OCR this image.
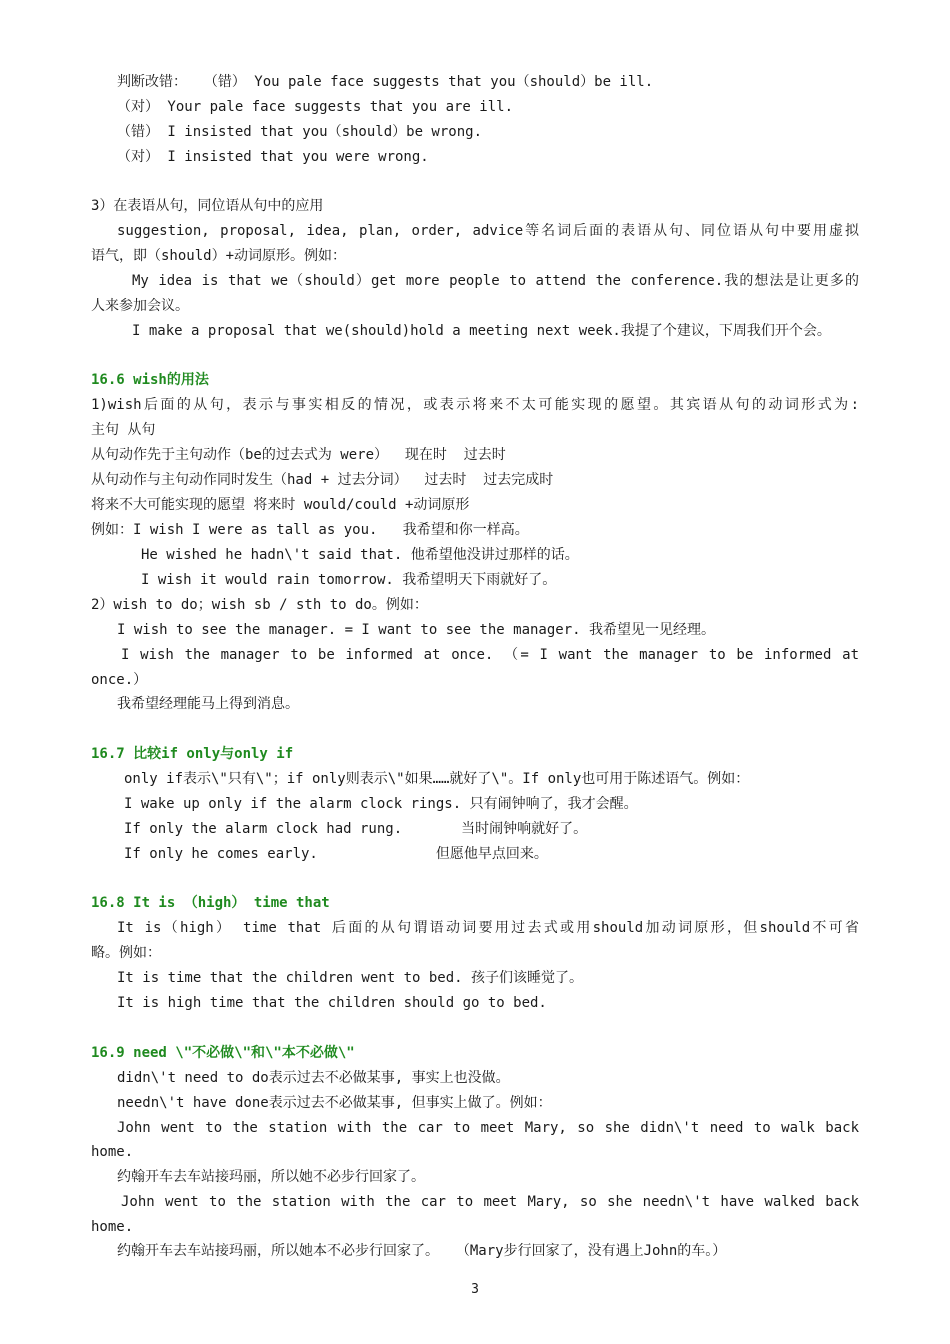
判断改错：  （错） You pale face suggests that you（should）be ill.
（对） Your pale face suggests that you are ill.
（错） I insisted that you（should）be wrong.
（对） I insisted that you were wrong.
3）在表语从句，同位语从句中的应用
suggestion, proposal, idea, plan, order, advice等名词后面的表语从句、同位语从句中要用虚拟
语气，即（should）+动词原形。例如：
My idea is that we（should）get more people to attend the conference.我的想法是让更多的
人来参加会议。
I make a proposal that we(should)hold a meeting next week.我提了个建议，下周我们开个会。
16.6 wish的用法
1)wish后面的从句，表示与事实相反的情况，或表示将来不太可能实现的愿望。其宾语从句的动词形式为:
主句 从句
从句动作先于主句动作（be的过去式为 were）  现在时  过去时
从句动作与主句动作同时发生（had + 过去分词）  过去时  过去完成时
将来不大可能实现的愿望 将来时 would/could +动词原形
例如：I wish I were as tall as you.   我希望和你一样高。
He wished he hadn\'t said that. 他希望他没讲过那样的话。
I wish it would rain tomorrow. 我希望明天下雨就好了。
2）wish to do；wish sb / sth to do。例如：
I wish to see the manager. = I want to see the manager. 我希望见一见经理。
I wish the manager to be informed at once. （= I want the manager to be informed at
once.）
我希望经理能马上得到消息。
16.7 比较if only与only if
only if表示\"只有\"；if only则表示\"如果……就好了\"。If only也可用于陈述语气。例如：
I wake up only if the alarm clock rings. 只有闹钟响了，我才会醒。
If only the alarm clock had rung.       当时闹钟响就好了。
If only he comes early.              但愿他早点回来。
16.8 It is （high） time that
It is（high） time that 后面的从句谓语动词要用过去式或用should加动词原形，但should不可省
略。例如：
It is time that the children went to bed. 孩子们该睡觉了。
It is high time that the children should go to bed.
16.9 need \"不必做\"和\"本不必做\"
didn\'t need to do表示过去不必做某事, 事实上也没做。
needn\'t have done表示过去不必做某事, 但事实上做了。例如：
John went to the station with the car to meet Mary, so she didn\'t need to walk back
home.
约翰开车去车站接玛丽，所以她不必步行回家了。
John went to the station with the car to meet Mary, so she needn\'t have walked back
home.
约翰开车去车站接玛丽，所以她本不必步行回家了。  （Mary步行回家了，没有遇上John的车。）
3
